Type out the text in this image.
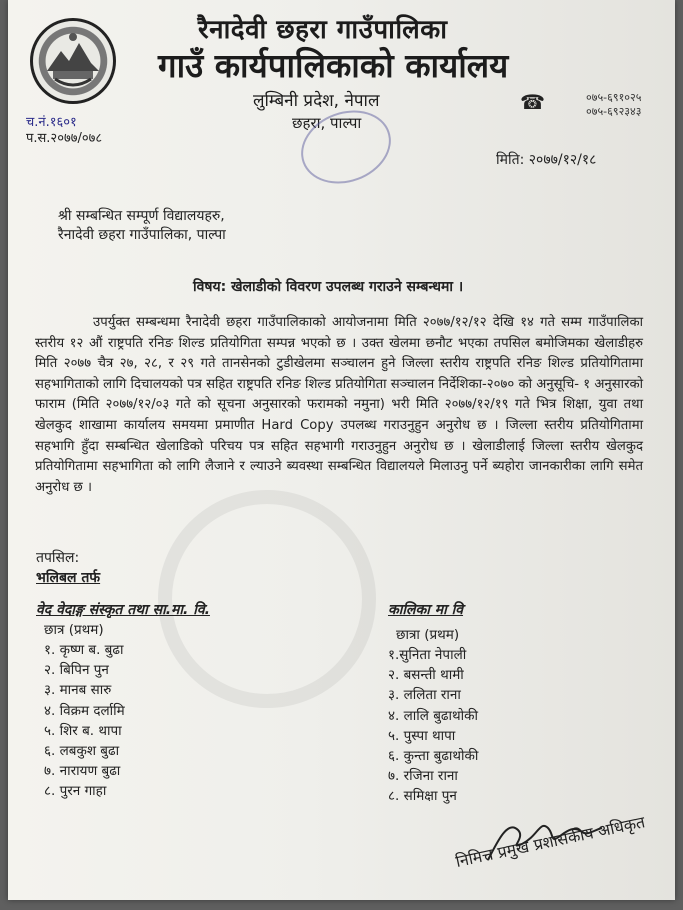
रैनादेवी छहरा गाउँपालिका
गाउँ कार्यपालिकाको कार्यालय
लुम्बिनी प्रदेश, नेपाल
छहरा, पाल्पा
☎	०७५-६९१०२५
०७५-६९२३४३
च.नं.१६०१
प.स.२०७७/०७८
मिति: २०७७/१२/१८
श्री सम्बन्धित सम्पूर्ण विद्यालयहरु,
रैनादेवी छहरा गाउँपालिका, पाल्पा
विषय: खेलाडीको विवरण उपलब्ध गराउने सम्बन्धमा ।
उपर्युक्त सम्बन्धमा रैनादेवी छहरा गाउँपालिकाको आयोजनामा मिति २०७७/१२/१२ देखि १४ गते सम्म गाउँपालिका स्तरीय १२ औं राष्ट्रपति रनिङ शिल्ड प्रतियोगिता सम्पन्न भएको छ । उक्त खेलमा छनौट भएका तपसिल बमोजिमका खेलाडीहरु मिति २०७७ चैत्र २७, २८, र २९ गते तानसेनको टुडीखेलमा सञ्चालन हुने जिल्ला स्तरीय राष्ट्रपति रनिङ शिल्ड प्रतियोगितामा सहभागिताको लागि दिचालयको पत्र सहित राष्ट्रपति रनिङ शिल्ड प्रतियोगिता सञ्चालन निर्देशिका-२०७० को अनुसूचि- १ अनुसारको फाराम (मिति २०७७/१२/०३ गते को सूचना अनुसारको फरामको नमुना) भरी मिति २०७७/१२/१९ गते भित्र शिक्षा, युवा तथा खेलकुद शाखामा कार्यालय समयमा प्रमाणीत Hard Copy उपलब्ध गराउनुहुन अनुरोध छ । जिल्ला स्तरीय प्रतियोगितामा सहभागि हुँदा सम्बन्धित खेलाडिको परिचय पत्र सहित सहभागी गराउनुहुन अनुरोध छ । खेलाडीलाई जिल्ला स्तरीय खेलकुद प्रतियोगितामा सहभागिता को लागि लैजाने र ल्याउने ब्यवस्था सम्बन्धित विद्यालयले मिलाउनु पर्ने ब्यहोरा जानकारीका लागि समेत अनुरोध छ ।
तपसिल:
भलिबल तर्फ
वेद वेदाङ्ग संस्कृत तथा सा.मा. वि.
छात्र (प्रथम)
१. कृष्ण ब. बुढा
२. बिपिन पुन
३. मानब सारु
४. विक्रम दर्लामि
५. शिर ब. थापा
६. लबकुश बुढा
७. नारायण बुढा
८. पुरन गाहा
कालिका मा वि
छात्रा (प्रथम)
१.सुनिता नेपाली
२. बसन्ती थामी
३. ललिता राना
४. लालि बुढाथोकी
५. पुस्पा थापा
६. कुन्ता बुढाथोकी
७. रजिना राना
८. समिक्षा पुन
निमित्त प्रमुख प्रशासकीय अधिकृत
